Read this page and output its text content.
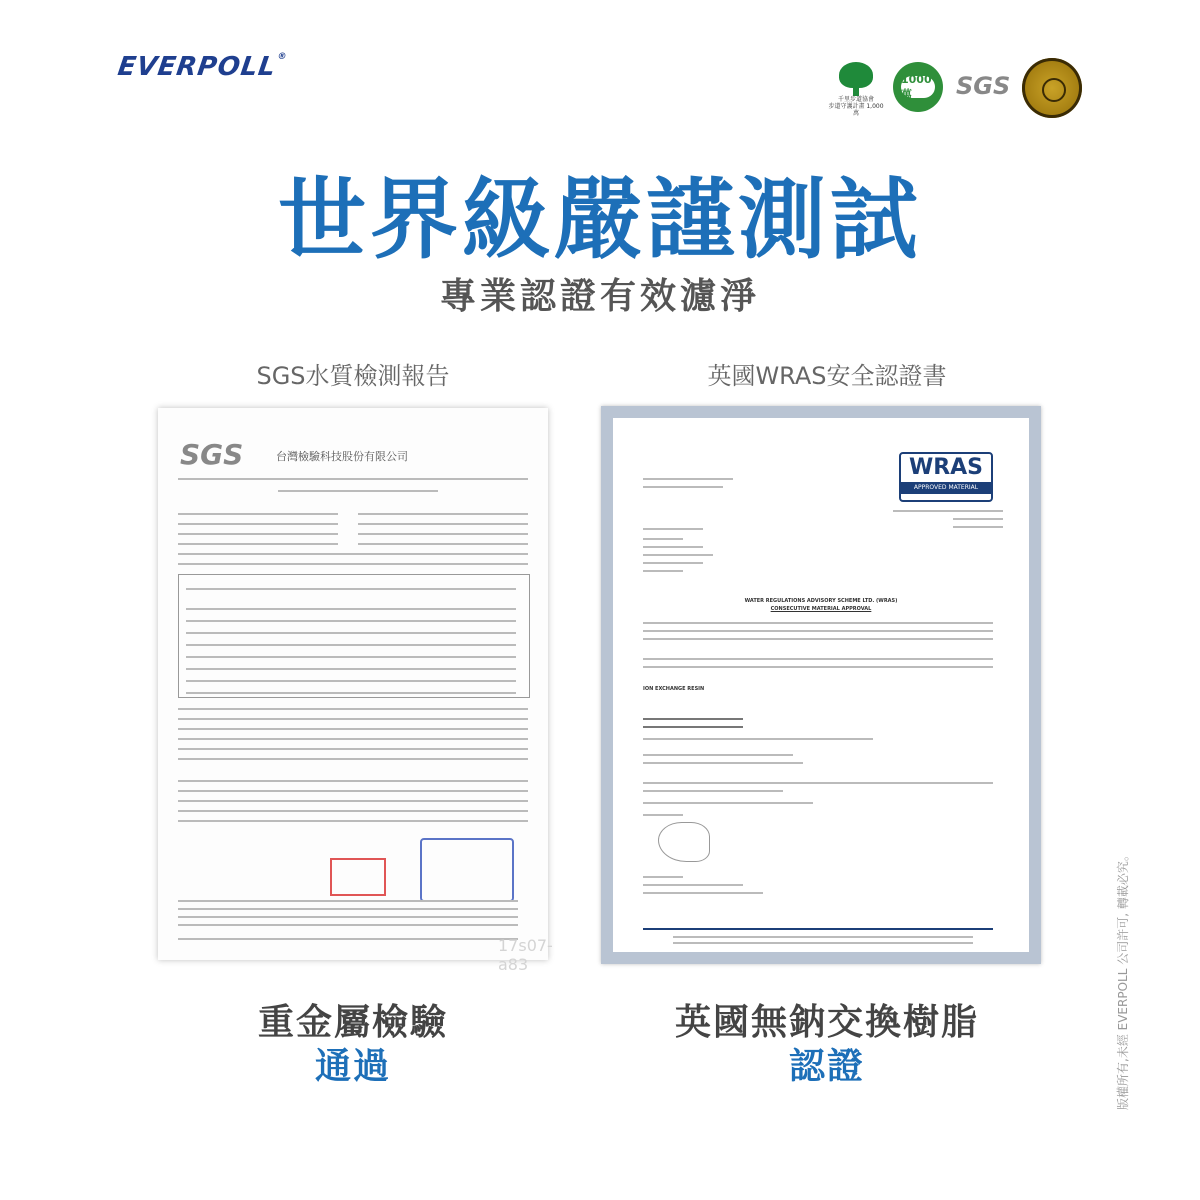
EVERPOLL®
千里步道協會
步道守護計畫 1,000萬
1000萬	SGS
世界級嚴謹測試
專業認證有效濾淨
SGS水質檢測報告	英國WRAS安全認證書
SGS	台灣檢驗科技股份有限公司
17s07-a83
WRAS
APPROVED MATERIAL
WATER REGULATIONS ADVISORY SCHEME LTD. (WRAS)
CONSECUTIVE MATERIAL APPROVAL
ION EXCHANGE RESIN
重金屬檢驗
通過
英國無鈉交換樹脂
認證	版權所有,未經 EVERPOLL 公司許可, 轉載必究。
